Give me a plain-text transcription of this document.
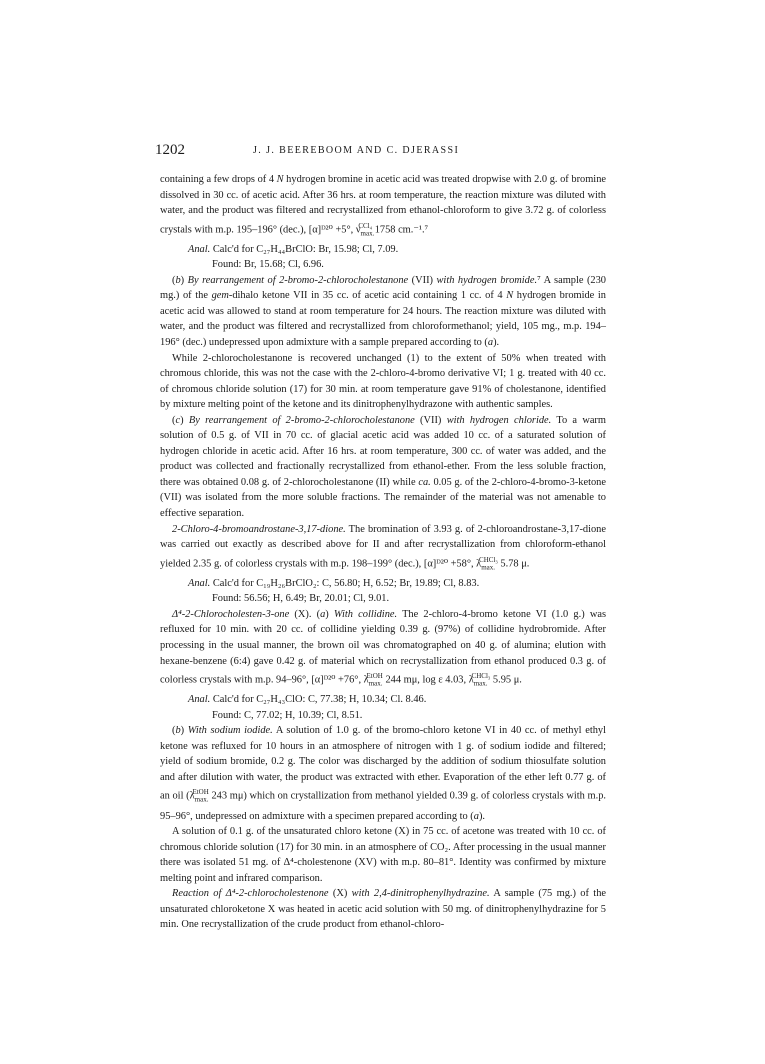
1202	J. J. BEEREBOOM AND C. DJERASSI

containing a few drops of 4 N hydrogen bromine in acetic acid was treated dropwise with 2.0 g. of bromine dissolved in 30 cc. of acetic acid. After 36 hrs. at room temperature, the reaction mixture was diluted with water, and the product was filtered and recrystallized from ethanol-chloroform to give 3.72 g. of colorless crystals with m.p. 195–196° (dec.), [α]ᴰ²⁰ +5°, $\nu_{max.}^{CCl_4}$ 1758 cm.⁻¹.⁷

Anal. Calc'd for C₂₇H₄₄BrClO: Br, 15.98; Cl, 7.09.

Found: Br, 15.68; Cl, 6.96.

(b) By rearrangement of 2-bromo-2-chlorocholestanone (VII) with hydrogen bromide.⁷ A sample (230 mg.) of the gem-dihalo ketone VII in 35 cc. of acetic acid containing 1 cc. of 4 N hydrogen bromide in acetic acid was allowed to stand at room temperature for 24 hours. The reaction mixture was diluted with water, and the product was filtered and recrystallized from chloroformethanol; yield, 105 mg., m.p. 194–196° (dec.) undepressed upon admixture with a sample prepared according to (a).

While 2-chlorocholestanone is recovered unchanged (1) to the extent of 50% when treated with chromous chloride, this was not the case with the 2-chloro-4-bromo derivative VI; 1 g. treated with 40 cc. of chromous chloride solution (17) for 30 min. at room temperature gave 91% of cholestanone, identified by mixture melting point of the ketone and its dinitrophenylhydrazone with authentic samples.

(c) By rearrangement of 2-bromo-2-chlorocholestanone (VII) with hydrogen chloride. To a warm solution of 0.5 g. of VII in 70 cc. of glacial acetic acid was added 10 cc. of a saturated solution of hydrogen chloride in acetic acid. After 16 hrs. at room temperature, 300 cc. of water was added, and the product was collected and fractionally recrystallized from ethanol-ether. From the less soluble fraction, there was obtained 0.08 g. of 2-chlorocholestanone (II) while ca. 0.05 g. of the 2-chloro-4-bromo-3-ketone (VII) was isolated from the more soluble fractions. The remainder of the material was not amenable to effective separation.

2-Chloro-4-bromoandrostane-3,17-dione. The bromination of 3.93 g. of 2-chloroandrostane-3,17-dione was carried out exactly as described above for II and after recrystallization from chloroform-ethanol yielded 2.35 g. of colorless crystals with m.p. 198–199° (dec.), [α]ᴰ²⁰ +58°, $\lambda_{max.}^{CHCl_3}$ 5.78 μ.

Anal. Calc'd for C₁₉H₂₆BrClO₂: C, 56.80; H, 6.52; Br, 19.89; Cl, 8.83.

Found: 56.56; H, 6.49; Br, 20.01; Cl, 9.01.

Δ⁴-2-Chlorocholesten-3-one (X). (a) With collidine. The 2-chloro-4-bromo ketone VI (1.0 g.) was refluxed for 10 min. with 20 cc. of collidine yielding 0.39 g. (97%) of collidine hydrobromide. After processing in the usual manner, the brown oil was chromatographed on 40 g. of alumina; elution with hexane-benzene (6:4) gave 0.42 g. of material which on recrystallization from ethanol produced 0.3 g. of colorless crystals with m.p. 94–96°, [α]ᴰ²⁰ +76°, $\lambda_{max.}^{EtOH}$ 244 mμ, log ε 4.03, $\lambda_{max.}^{CHCl_3}$ 5.95 μ.

Anal. Calc'd for C₂₇H₄₃ClO: C, 77.38; H, 10.34; Cl. 8.46.

Found: C, 77.02; H, 10.39; Cl, 8.51.

(b) With sodium iodide. A solution of 1.0 g. of the bromo-chloro ketone VI in 40 cc. of methyl ethyl ketone was refluxed for 10 hours in an atmosphere of nitrogen with 1 g. of sodium iodide and filtered; yield of sodium bromide, 0.2 g. The color was discharged by the addition of sodium thiosulfate solution and after dilution with water, the product was extracted with ether. Evaporation of the ether left 0.77 g. of an oil ($\lambda_{max.}^{EtOH}$ 243 mμ) which on crystallization from methanol yielded 0.39 g. of colorless crystals with m.p. 95–96°, undepressed on admixture with a specimen prepared according to (a).

A solution of 0.1 g. of the unsaturated chloro ketone (X) in 75 cc. of acetone was treated with 10 cc. of chromous chloride solution (17) for 30 min. in an atmosphere of CO₂. After processing in the usual manner there was isolated 51 mg. of Δ⁴-cholestenone (XV) with m.p. 80–81°. Identity was confirmed by mixture melting point and infrared comparison.

Reaction of Δ⁴-2-chlorocholestenone (X) with 2,4-dinitrophenylhydrazine. A sample (75 mg.) of the unsaturated chloroketone X was heated in acetic acid solution with 50 mg. of dinitrophenylhydrazine for 5 min. One recrystallization of the crude product from ethanol-chloro-
